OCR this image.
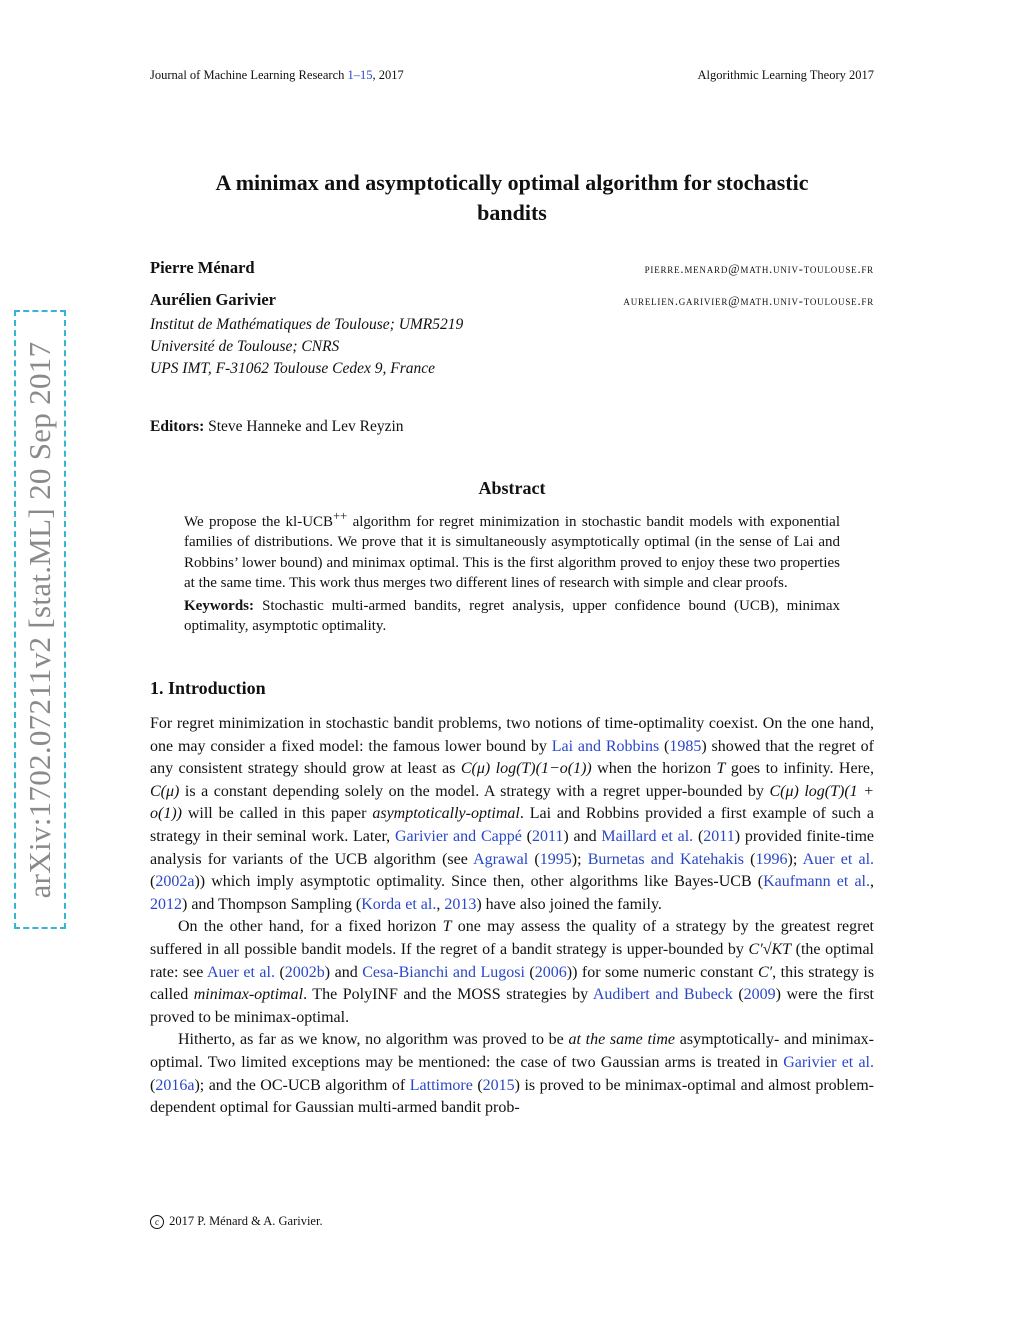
Journal of Machine Learning Research 1–15, 2017	Algorithmic Learning Theory 2017
arXiv:1702.07211v2 [stat.ML] 20 Sep 2017
A minimax and asymptotically optimal algorithm for stochastic
bandits
Pierre Ménard	pierre.menard@math.univ-toulouse.fr
Aurélien Garivier	aurelien.garivier@math.univ-toulouse.fr
Institut de Mathématiques de Toulouse; UMR5219
Université de Toulouse; CNRS
UPS IMT, F-31062 Toulouse Cedex 9, France
Editors: Steve Hanneke and Lev Reyzin
Abstract

We propose the kl-UCB++ algorithm for regret minimization in stochastic bandit models with exponential families of distributions. We prove that it is simultaneously asymptotically optimal (in the sense of Lai and Robbins’ lower bound) and minimax optimal. This is the first algorithm proved to enjoy these two properties at the same time. This work thus merges two different lines of research with simple and clear proofs.

Keywords: Stochastic multi-armed bandits, regret analysis, upper confidence bound (UCB), minimax optimality, asymptotic optimality.

1. Introduction

For regret minimization in stochastic bandit problems, two notions of time-optimality coexist. On the one hand, one may consider a fixed model: the famous lower bound by Lai and Robbins (1985) showed that the regret of any consistent strategy should grow at least as C(μ) log(T)(1−o(1)) when the horizon T goes to infinity. Here, C(μ) is a constant depending solely on the model. A strategy with a regret upper-bounded by C(μ) log(T)(1 + o(1)) will be called in this paper asymptotically-optimal. Lai and Robbins provided a first example of such a strategy in their seminal work. Later, Garivier and Cappé (2011) and Maillard et al. (2011) provided finite-time analysis for variants of the UCB algorithm (see Agrawal (1995); Burnetas and Katehakis (1996); Auer et al. (2002a)) which imply asymptotic optimality. Since then, other algorithms like Bayes-UCB (Kaufmann et al., 2012) and Thompson Sampling (Korda et al., 2013) have also joined the family.

On the other hand, for a fixed horizon T one may assess the quality of a strategy by the greatest regret suffered in all possible bandit models. If the regret of a bandit strategy is upper-bounded by C′√KT (the optimal rate: see Auer et al. (2002b) and Cesa-Bianchi and Lugosi (2006)) for some numeric constant C′, this strategy is called minimax-optimal. The PolyINF and the MOSS strategies by Audibert and Bubeck (2009) were the first proved to be minimax-optimal.

Hitherto, as far as we know, no algorithm was proved to be at the same time asymptotically- and minimax-optimal. Two limited exceptions may be mentioned: the case of two Gaussian arms is treated in Garivier et al. (2016a); and the OC-UCB algorithm of Lattimore (2015) is proved to be minimax-optimal and almost problem-dependent optimal for Gaussian multi-armed bandit prob-

c 2017 P. Ménard & A. Garivier.
